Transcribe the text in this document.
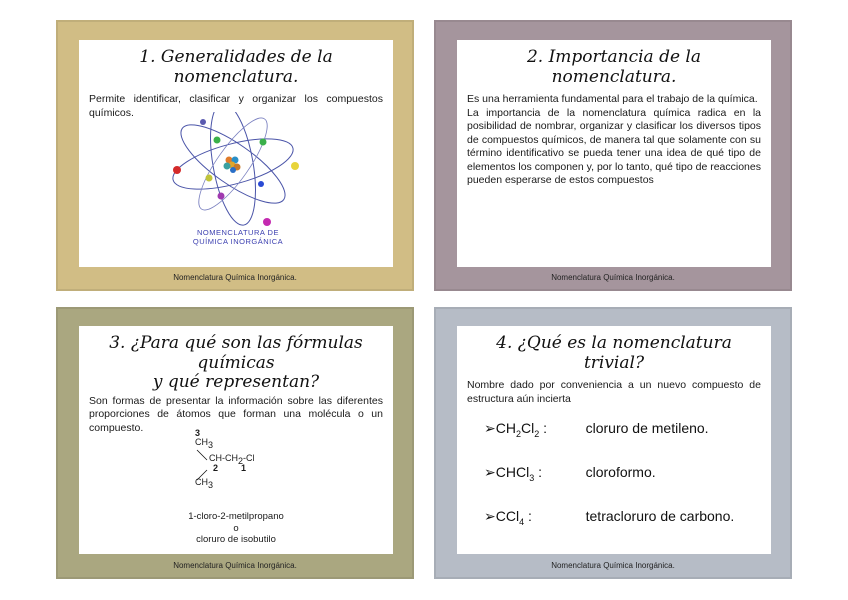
1. Generalidades de la nomenclatura.

Permite identificar, clasificar y organizar los compuestos químicos.

NOMENCLATURA DE
QUÍMICA INORGÁNICA
Nomenclatura Química Inorgánica.
2. Importancia de la nomenclatura.

Es una herramienta fundamental para el trabajo de la química.

La importancia de la nomenclatura química radica en la posibilidad de nombrar, organizar y clasificar los diversos tipos de compuestos químicos, de manera tal que solamente con su término identificativo se pueda tener una idea de qué tipo de elementos los componen y, por lo tanto, qué tipo de reacciones pueden esperarse de estos compuestos

Nomenclatura Química Inorgánica.
3. ¿Para qué son las fórmulas químicas
y qué representan?

Son formas de presentar la información sobre las diferentes proporciones de átomos que forman una molécula o un compuesto.	3
$CH_3$
$CH-CH_2-Cl$
2	1
$CH_3$
1-cloro-2-metilpropano
o
cloruro de isobutilo
Nomenclatura Química Inorgánica.
4. ¿Qué es la nomenclatura trivial?

Nombre dado por conveniencia a un nuevo compuesto de estructura aún incierta

$➢CH_2Cl_2$ :	cloruro de metileno.
➢CHCl$_3$ :	cloroformo.
➢CCl$_4$ :	tetracloruro de carbono.
Nomenclatura Química Inorgánica.
